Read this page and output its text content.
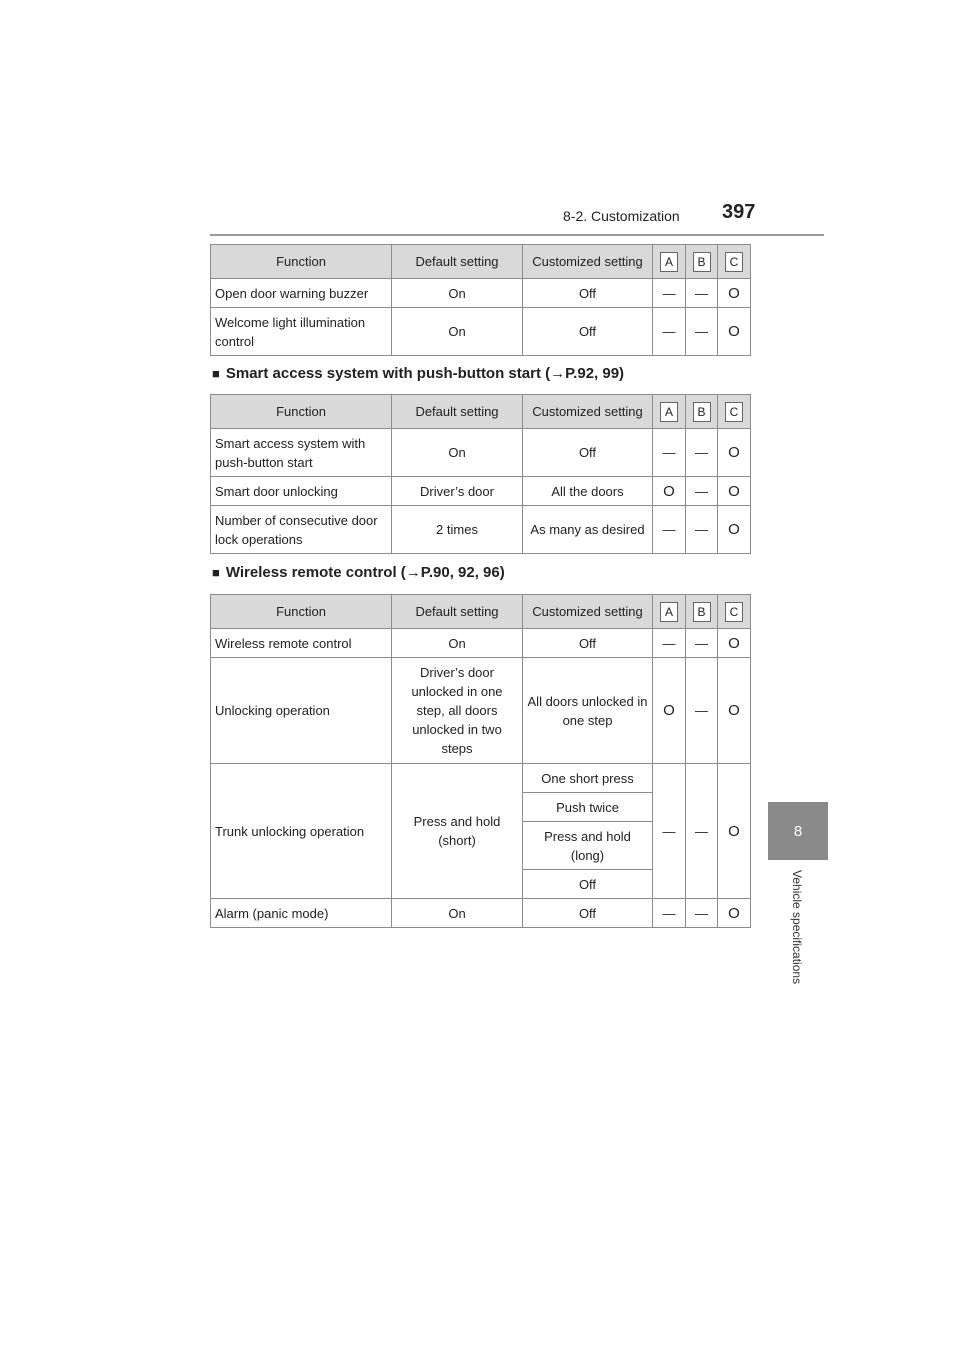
8-2. Customization 397
8
Vehicle specifications
Function	Default setting	Customized setting	A	B	C
Open door warning buzzer	On	Off	—	—	O
Welcome light illumination control	On	Off	—	—	O
■ Smart access system with push-button start (→P.92, 99)
Function	Default setting	Customized setting	A	B	C
Smart access system with push-button start	On	Off	—	—	O
Smart door unlocking	Driver’s door	All the doors	O	—	O
Number of consecutive door lock operations	2 times	As many as desired	—	—	O
■ Wireless remote control (→P.90, 92, 96)
Function	Default setting	Customized setting	A	B	C
Wireless remote control	On	Off	—	—	O
Unlocking operation	Driver’s door unlocked in one step, all doors unlocked in two steps	All doors unlocked in one step	O	—	O
Trunk unlocking operation	Press and hold (short)	One short press	—	—	O
		Push twice			
		Press and hold (long)			
		Off			
Alarm (panic mode)	On	Off	—	—	O
